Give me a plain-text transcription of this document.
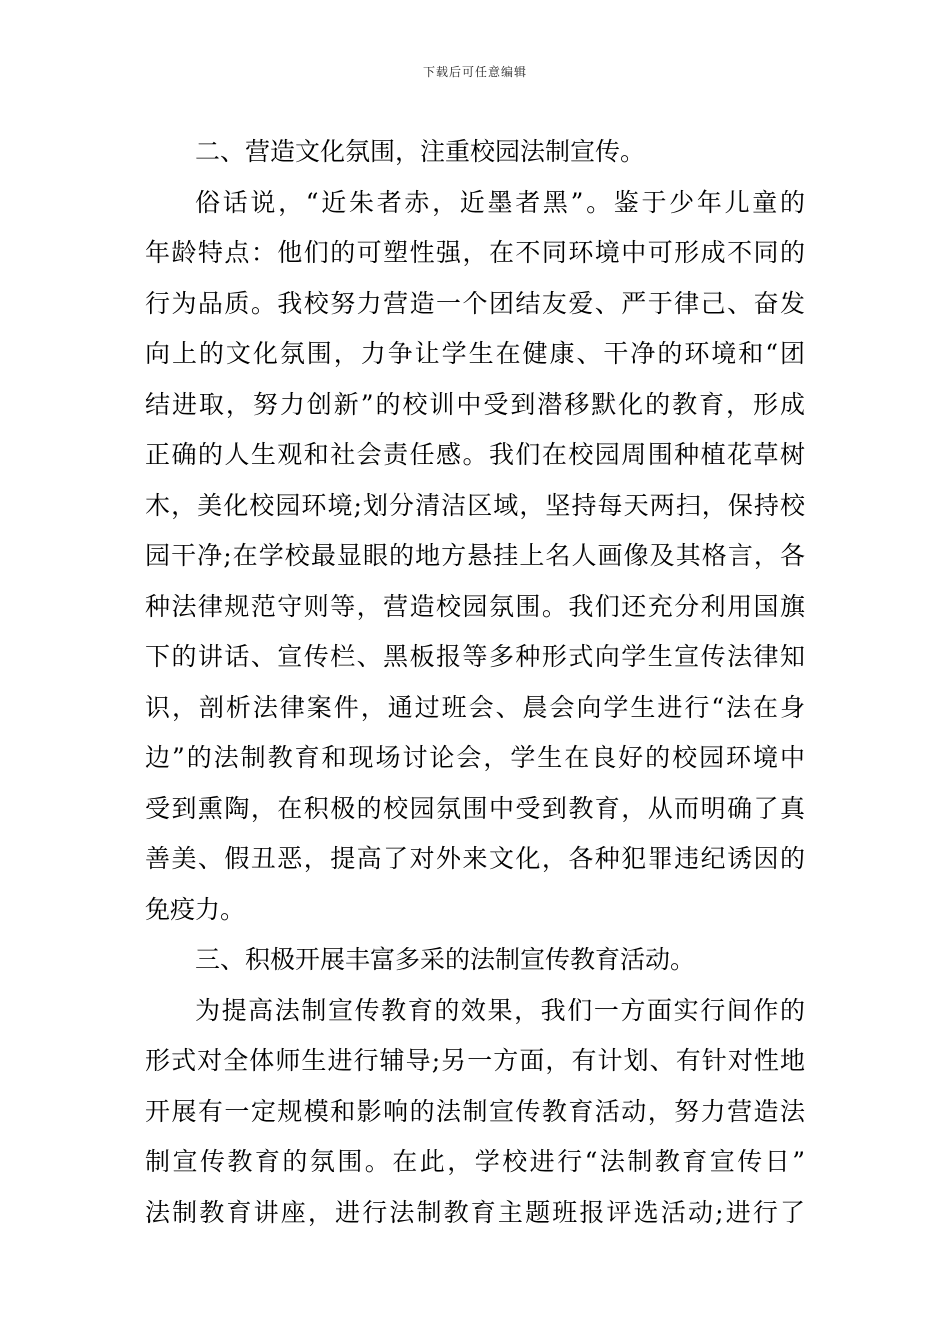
下载后可任意编辑
二、营造文化氛围，注重校园法制宣传。
俗话说，“近朱者赤，近墨者黑”。鉴于少年儿童的
年龄特点：他们的可塑性强，在不同环境中可形成不同的
行为品质。我校努力营造一个团结友爱、严于律己、奋发
向上的文化氛围，力争让学生在健康、干净的环境和“团
结进取，努力创新”的校训中受到潜移默化的教育，形成
正确的人生观和社会责任感。我们在校园周围种植花草树
木，美化校园环境;划分清洁区域，坚持每天两扫，保持校
园干净;在学校最显眼的地方悬挂上名人画像及其格言，各
种法律规范守则等，营造校园氛围。我们还充分利用国旗
下的讲话、宣传栏、黑板报等多种形式向学生宣传法律知
识，剖析法律案件，通过班会、晨会向学生进行“法在身
边”的法制教育和现场讨论会，学生在良好的校园环境中
受到熏陶，在积极的校园氛围中受到教育，从而明确了真
善美、假丑恶，提高了对外来文化，各种犯罪违纪诱因的
免疫力。
三、积极开展丰富多采的法制宣传教育活动。
为提高法制宣传教育的效果，我们一方面实行间作的
形式对全体师生进行辅导;另一方面，有计划、有针对性地
开展有一定规模和影响的法制宣传教育活动，努力营造法
制宣传教育的氛围。在此，学校进行“法制教育宣传日”
法制教育讲座，进行法制教育主题班报评选活动;进行了
